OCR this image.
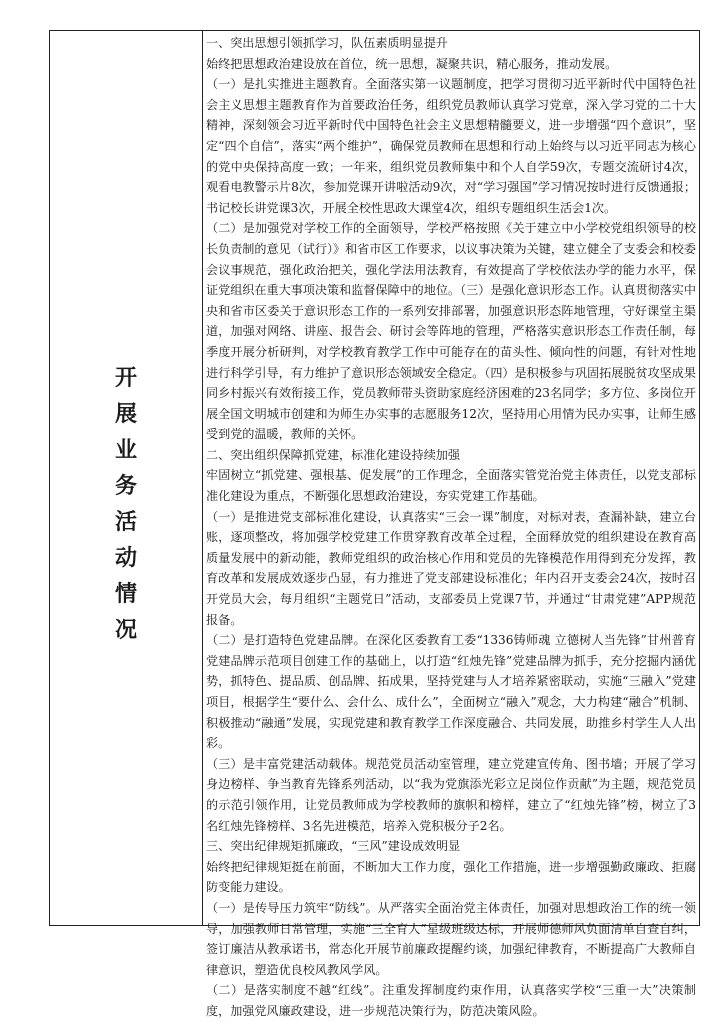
开
展
业
务
活
动
情
况

一、突出思想引领抓学习，队伍素质明显提升

始终把思想政治建设放在首位，统一思想，凝聚共识，精心服务，推动发展。

（一）是扎实推进主题教育。全面落实第一议题制度，把学习贯彻习近平新时代中国特色社会主义思想主题教育作为首要政治任务，组织党员教师认真学习党章，深入学习党的二十大精神，深刻领会习近平新时代中国特色社会主义思想精髓要义，进一步增强“四个意识”，坚定“四个自信”，落实“两个维护”，确保党员教师在思想和行动上始终与以习近平同志为核心的党中央保持高度一致；一年来，组织党员教师集中和个人自学59次，专题交流研讨4次，观看电教警示片8次，参加党课开讲啦活动9次，对“学习强国”学习情况按时进行反馈通报；书记校长讲党课3次，开展全校性思政大课堂4次，组织专题组织生活会1次。

（二）是加强党对学校工作的全面领导，学校严格按照《关于建立中小学校党组织领导的校长负责制的意见（试行）》和省市区工作要求，以议事决策为关键，建立健全了支委会和校委会议事规范，强化政治把关，强化学法用法教育，有效提高了学校依法办学的能力水平，保证党组织在重大事项决策和监督保障中的地位。（三）是强化意识形态工作。认真贯彻落实中央和省市区委关于意识形态工作的一系列安排部署，加强意识形态阵地管理，守好课堂主渠道，加强对网络、讲座、报告会、研讨会等阵地的管理，严格落实意识形态工作责任制，每季度开展分析研判，对学校教育教学工作中可能存在的苗头性、倾向性的问题，有针对性地进行科学引导，有力维护了意识形态领域安全稳定。（四）是积极参与巩固拓展脱贫攻坚成果同乡村振兴有效衔接工作，党员教师带头资助家庭经济困难的23名同学；多方位、多岗位开展全国文明城市创建和为师生办实事的志愿服务12次，坚持用心用情为民办实事，让师生感受到党的温暖，教师的关怀。

二、突出组织保障抓党建，标准化建设持续加强

牢固树立“抓党建、强根基、促发展”的工作理念，全面落实管党治党主体责任，以党支部标准化建设为重点，不断强化思想政治建设，夯实党建工作基础。

（一）是推进党支部标准化建设，认真落实“三会一课”制度，对标对表，查漏补缺，建立台账，逐项整改，将加强学校党建工作贯穿教育改革全过程，全面释放党的组织建设在教育高质量发展中的新动能，教师党组织的政治核心作用和党员的先锋模范作用得到充分发挥，教育改革和发展成效逐步凸显，有力推进了党支部建设标准化；年内召开支委会24次，按时召开党员大会，每月组织“主题党日”活动，支部委员上党课7节，并通过“甘肃党建”APP规范报备。

（二）是打造特色党建品牌。在深化区委教育工委“1336铸师魂 立德树人当先锋”甘州普育党建品牌示范项目创建工作的基础上，以打造“红烛先锋”党建品牌为抓手，充分挖掘内涵优势，抓特色、提品质、创品牌、拓成果，坚持党建与人才培养紧密联动，实施“三融入”党建项目，根据学生“要什么、会什么、成什么”，全面树立“融入”观念，大力构建“融合”机制、积极推动“融通”发展，实现党建和教育教学工作深度融合、共同发展，助推乡村学生人人出彩。

（三）是丰富党建活动载体。规范党员活动室管理，建立党建宣传角、图书墙；开展了学习身边榜样、争当教育先锋系列活动，以“我为党旗添光彩立足岗位作贡献”为主题，规范党员的示范引领作用，让党员教师成为学校教师的旗帜和榜样，建立了“红烛先锋”榜，树立了3名红烛先锋榜样、3名先进模范，培养入党积极分子2名。

三、突出纪律规矩抓廉政，“三风”建设成效明显

始终把纪律规矩挺在前面，不断加大工作力度，强化工作措施，进一步增强勤政廉政、拒腐防变能力建设。

（一）是传导压力筑牢“防线”。从严落实全面治党主体责任，加强对思想政治工作的统一领导，加强教师日常管理，实施“三全育人”星级班级达标，开展师德师风负面清单自查自纠，签订廉洁从教承诺书，常态化开展节前廉政提醒约谈，加强纪律教育，不断提高广大教师自律意识，塑造优良校风教风学风。

（二）是落实制度不越“红线”。注重发挥制度约束作用，认真落实学校“三重一大”决策制度，加强党风廉政建设，进一步规范决策行为，防范决策风险。
